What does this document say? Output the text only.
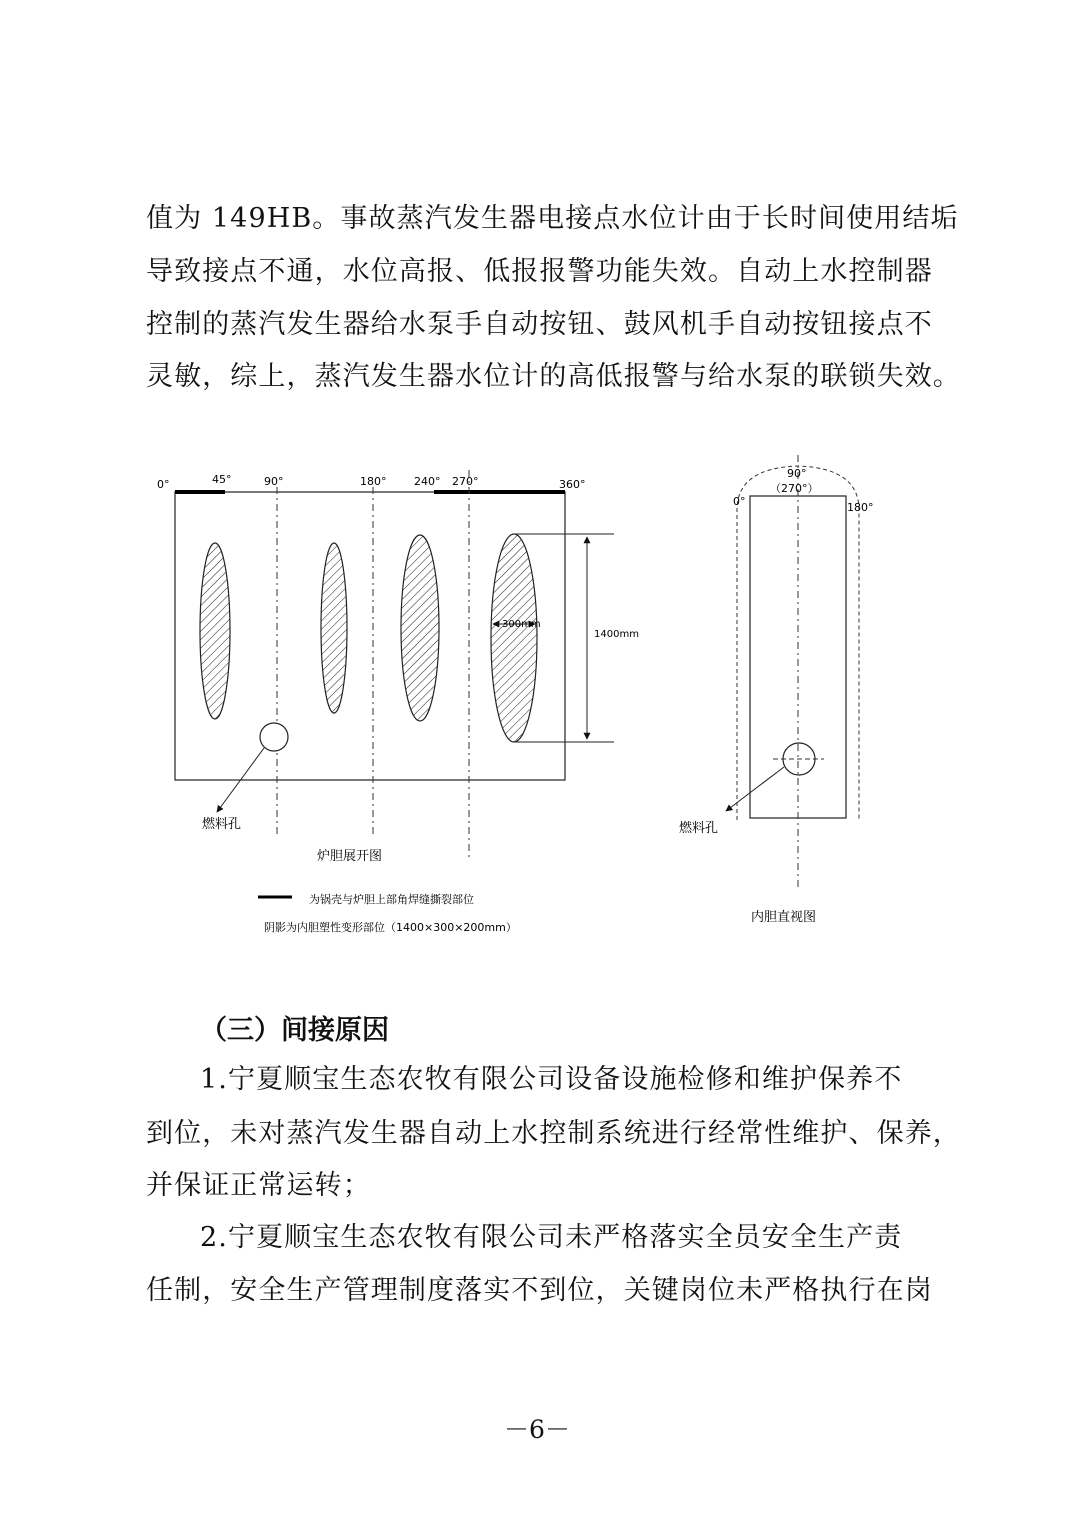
值为 149HB。事故蒸汽发生器电接点水位计由于长时间使用结垢

导致接点不通，水位高报、低报报警功能失效。自动上水控制器

控制的蒸汽发生器给水泵手自动按钮、鼓风机手自动按钮接点不

灵敏，综上，蒸汽发生器水位计的高低报警与给水泵的联锁失效。

0°	45°	90°	180°	240° 270°	360°
300mm
1400mm
燃料孔
炉胆展开图
为锅壳与炉胆上部角焊缝撕裂部位
阴影为内胆塑性变形部位（1400×300×200mm）
90°
（270°）
0°	180°
燃料孔
内胆直视图
（三）间接原因

1.宁夏顺宝生态农牧有限公司设备设施检修和维护保养不

到位，未对蒸汽发生器自动上水控制系统进行经常性维护、保养，

并保证正常运转；

2.宁夏顺宝生态农牧有限公司未严格落实全员安全生产责

任制，安全生产管理制度落实不到位，关键岗位未严格执行在岗

－6－
